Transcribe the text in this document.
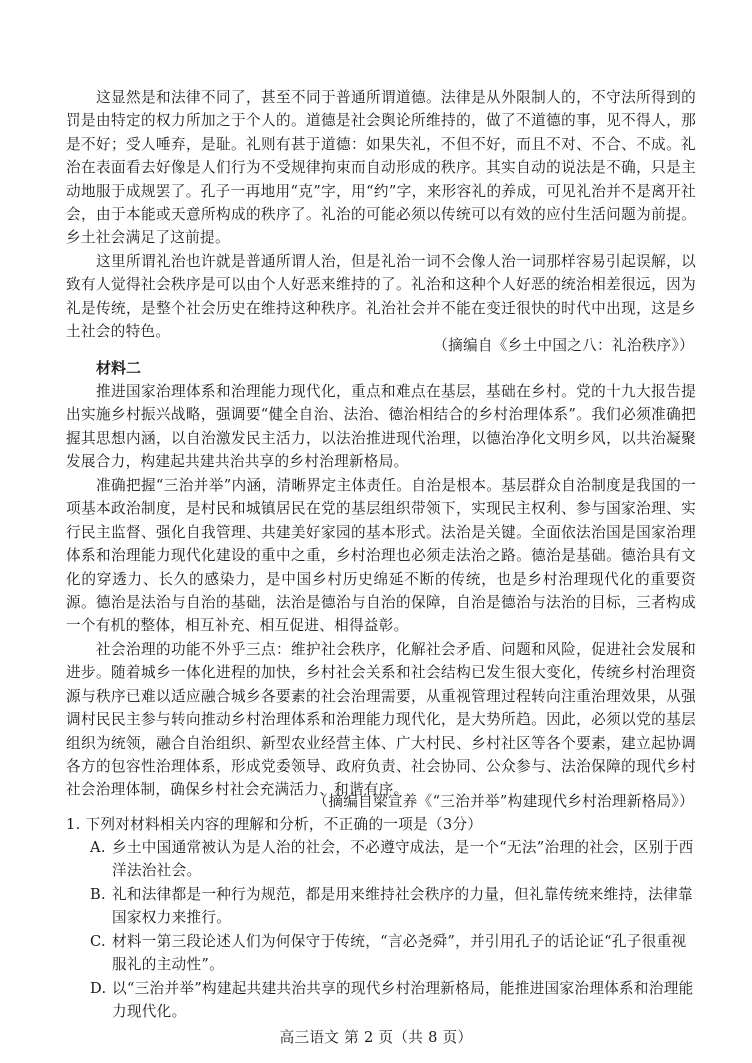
这显然是和法律不同了，甚至不同于普通所谓道德。法律是从外限制人的，不守法所得到的罚是由特定的权力所加之于个人的。道德是社会舆论所维持的，做了不道德的事，见不得人，那是不好；受人唾弃，是耻。礼则有甚于道德：如果失礼，不但不好，而且不对、不合、不成。礼治在表面看去好像是人们行为不受规律拘束而自动形成的秩序。其实自动的说法是不确，只是主动地服于成规罢了。孔子一再地用“克”字，用“约”字，来形容礼的养成，可见礼治并不是离开社会，由于本能或天意所构成的秩序了。礼治的可能必须以传统可以有效的应付生活问题为前提。乡土社会满足了这前提。
这里所谓礼治也许就是普通所谓人治，但是礼治一词不会像人治一词那样容易引起误解，以致有人觉得社会秩序是可以由个人好恶来维持的了。礼治和这种个人好恶的统治相差很远，因为礼是传统，是整个社会历史在维持这种秩序。礼治社会并不能在变迁很快的时代中出现，这是乡土社会的特色。
（摘编自《乡土中国之八：礼治秩序》）
材料二
推进国家治理体系和治理能力现代化，重点和难点在基层，基础在乡村。党的十九大报告提出实施乡村振兴战略，强调要“健全自治、法治、德治相结合的乡村治理体系”。我们必须准确把握其思想内涵，以自治激发民主活力，以法治推进现代治理，以德治净化文明乡风，以共治凝聚发展合力，构建起共建共治共享的乡村治理新格局。
准确把握“三治并举”内涵，清晰界定主体责任。自治是根本。基层群众自治制度是我国的一项基本政治制度，是村民和城镇居民在党的基层组织带领下，实现民主权利、参与国家治理、实行民主监督、强化自我管理、共建美好家园的基本形式。法治是关键。全面依法治国是国家治理体系和治理能力现代化建设的重中之重，乡村治理也必须走法治之路。德治是基础。德治具有文化的穿透力、长久的感染力，是中国乡村历史绵延不断的传统，也是乡村治理现代化的重要资源。德治是法治与自治的基础，法治是德治与自治的保障，自治是德治与法治的目标，三者构成一个有机的整体，相互补充、相互促进、相得益彰。
社会治理的功能不外乎三点：维护社会秩序，化解社会矛盾、问题和风险，促进社会发展和进步。随着城乡一体化进程的加快，乡村社会关系和社会结构已发生很大变化，传统乡村治理资源与秩序已难以适应融合城乡各要素的社会治理需要，从重视管理过程转向注重治理效果，从强调村民民主参与转向推动乡村治理体系和治理能力现代化，是大势所趋。因此，必须以党的基层组织为统领，融合自治组织、新型农业经营主体、广大村民、乡村社区等各个要素，建立起协调各方的包容性治理体系，形成党委领导、政府负责、社会协同、公众参与、法治保障的现代乡村社会治理体制，确保乡村社会充满活力、和谐有序。
（摘编自梁宣养《“三治并举”构建现代乡村治理新格局》）
1. 下列对材料相关内容的理解和分析，不正确的一项是（3分）
A. 乡土中国通常被认为是人治的社会，不必遵守成法，是一个“无法”治理的社会，区别于西洋法治社会。
B. 礼和法律都是一种行为规范，都是用来维持社会秩序的力量，但礼靠传统来维持，法律靠国家权力来推行。
C. 材料一第三段论述人们为何保守于传统，“言必尧舜”，并引用孔子的话论证“孔子很重视服礼的主动性”。
D. 以“三治并举”构建起共建共治共享的现代乡村治理新格局，能推进国家治理体系和治理能力现代化。
高三语文 第 2 页（共 8 页）
